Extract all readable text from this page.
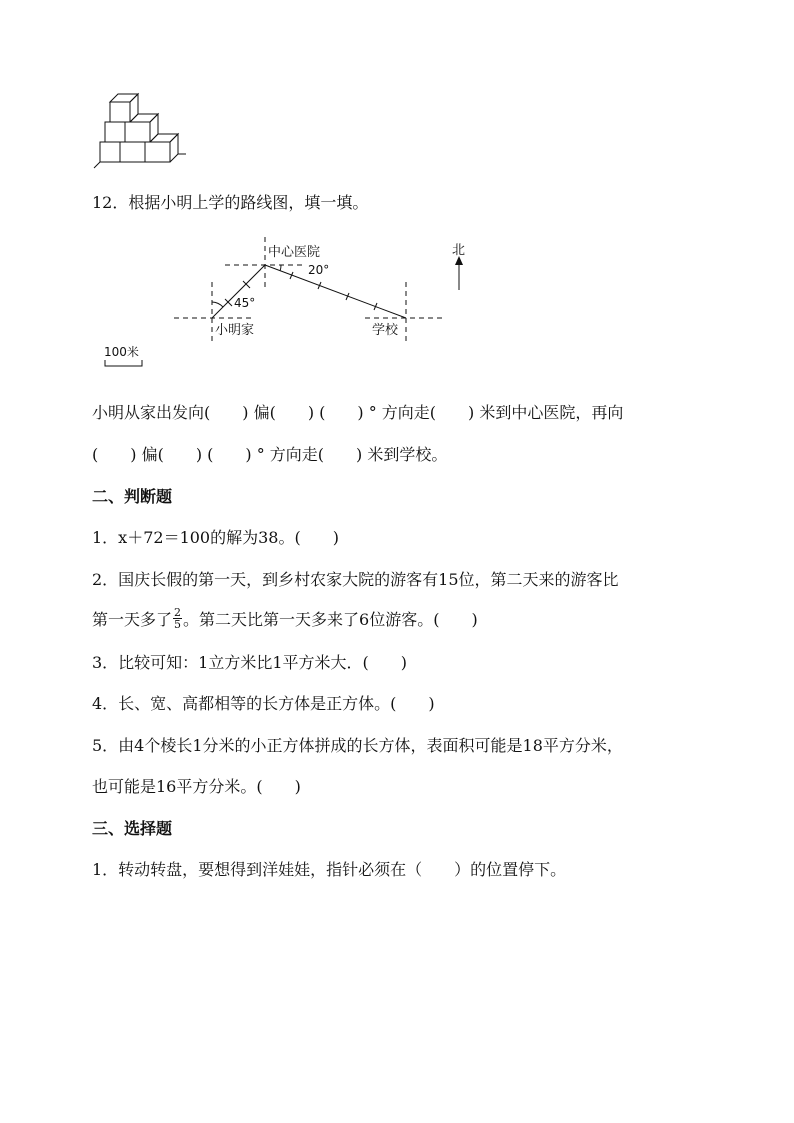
12．根据小明上学的路线图，填一填。
北
中心医院
20°
45°
小明家	学校
100米
小明从家出发向(　　) 偏(　　) (　　) ° 方向走(　　) 米到中心医院，再向
(　　) 偏(　　) (　　) ° 方向走(　　) 米到学校。
二、判断题
1．x＋72＝100的解为38。(　　)
2．国庆长假的第一天，到乡村农家大院的游客有15位，第二天来的游客比
第一天多了 $\frac{2}{5}$ 。第二天比第一天多来了6位游客。(　　)
3．比较可知：1立方米比1平方米大．(　　)
4．长、宽、高都相等的长方体是正方体。(　　)
5．由4个棱长1分米的小正方体拼成的长方体，表面积可能是18平方分米，
也可能是16平方分米。(　　)
三、选择题
1．转动转盘，要想得到洋娃娃，指针必须在（　　）的位置停下。
